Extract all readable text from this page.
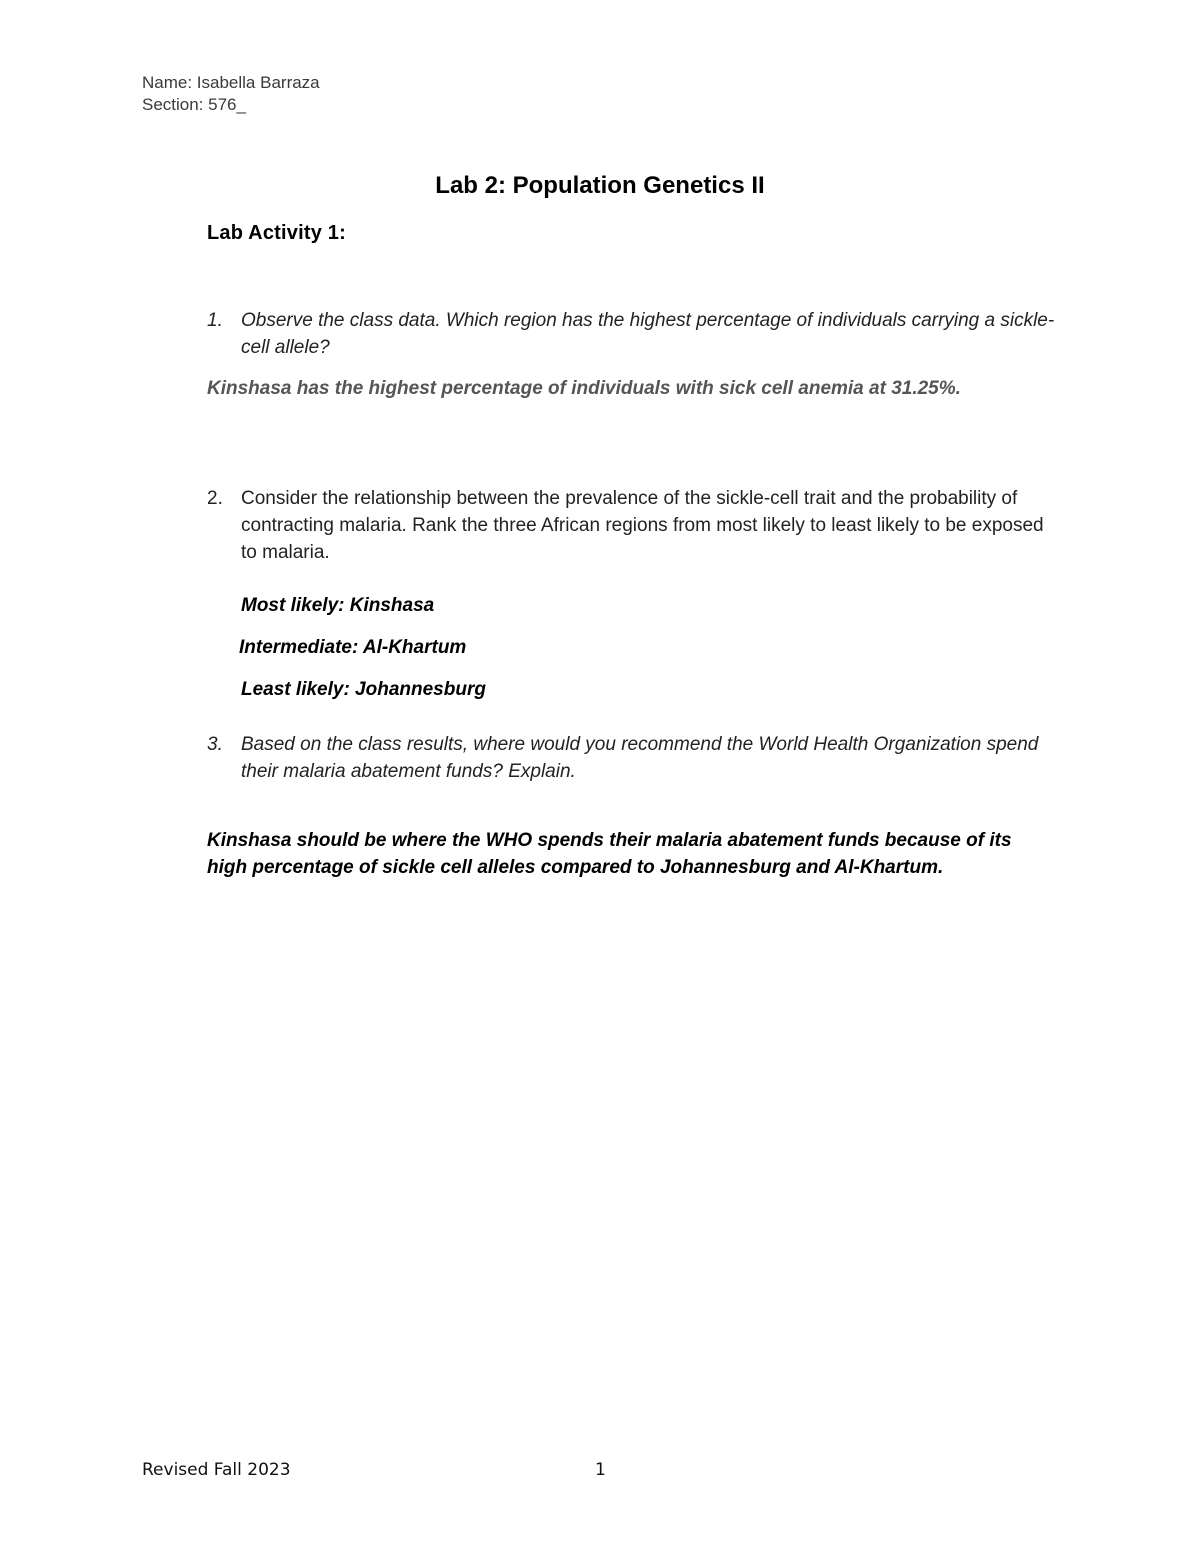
Name: Isabella Barraza
Section: 576_
Lab 2: Population Genetics II
Lab Activity 1:
1. Observe the class data. Which region has the highest percentage of individuals carrying a sickle-cell allele?
Kinshasa has the highest percentage of individuals with sick cell anemia at 31.25%.
2. Consider the relationship between the prevalence of the sickle-cell trait and the probability of contracting malaria. Rank the three African regions from most likely to least likely to be exposed to malaria.
Most likely: Kinshasa
Intermediate: Al-Khartum
Least likely: Johannesburg
3. Based on the class results, where would you recommend the World Health Organization spend their malaria abatement funds? Explain.
Kinshasa should be where the WHO spends their malaria abatement funds because of its high percentage of sickle cell alleles compared to Johannesburg and Al-Khartum.
Revised Fall 2023	1
